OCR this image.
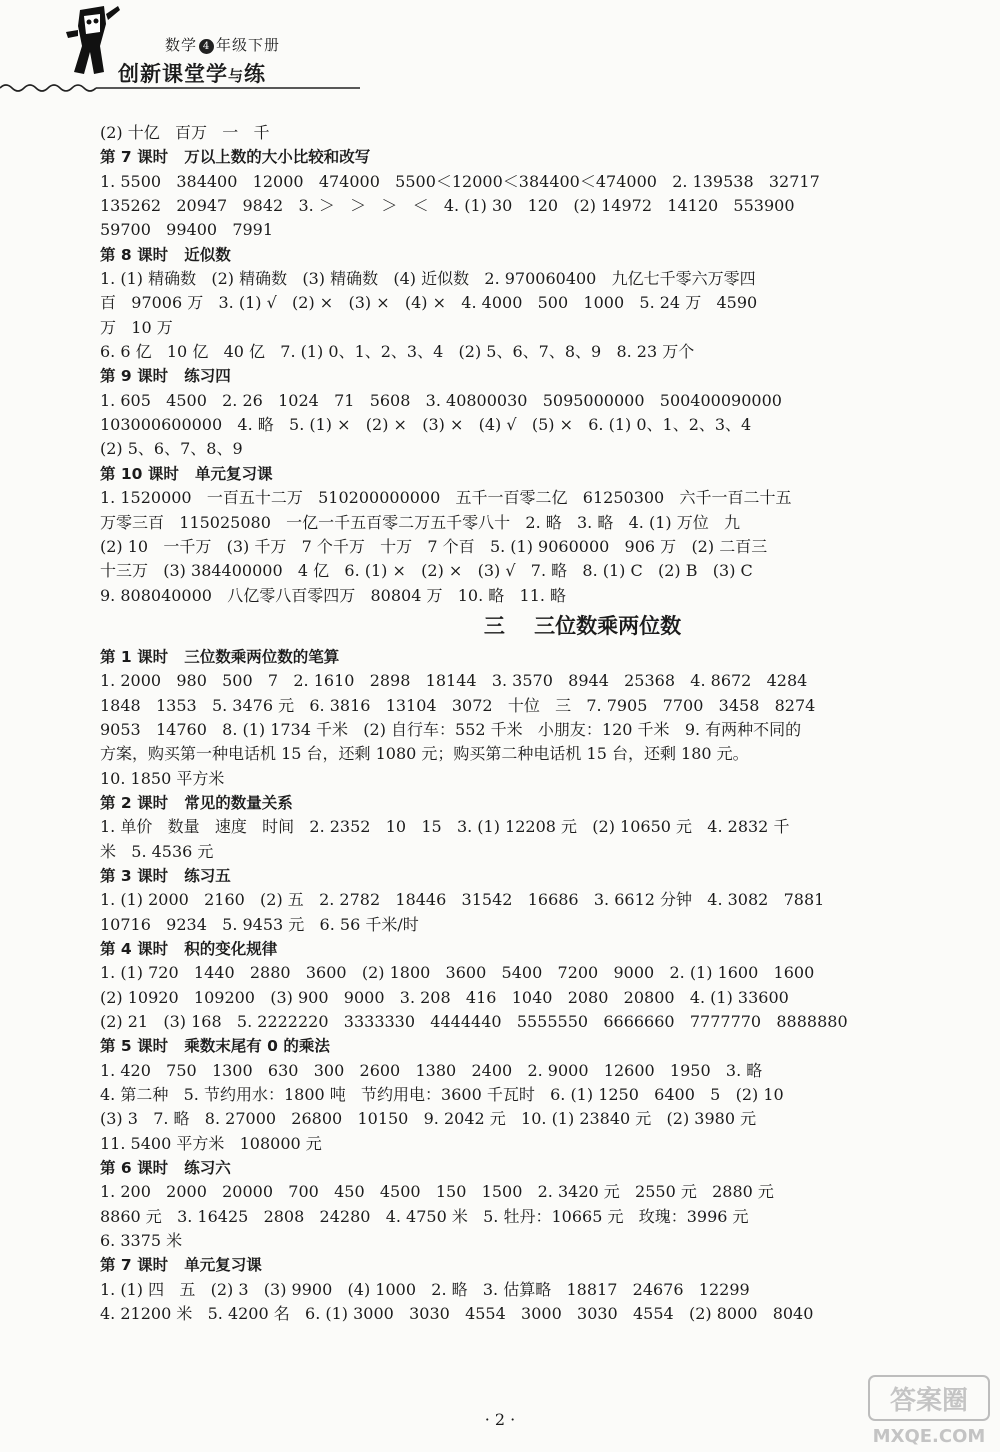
数学 4 年级下册
创新课堂学与练
(2) 十亿   百万   一   千
第 7 课时   万以上数的大小比较和改写
1. 5500   384400   12000   474000   5500＜12000＜384400＜474000   2. 139538   32717
135262   20947   9842   3. ＞   ＞   ＞   ＜   4. (1) 30   120   (2) 14972   14120   553900
59700   99400   7991
第 8 课时   近似数
1. (1) 精确数   (2) 精确数   (3) 精确数   (4) 近似数   2. 970060400   九亿七千零六万零四
百   97006 万   3. (1) √   (2) ×   (3) ×   (4) ×   4. 4000   500   1000   5. 24 万   4590
万   10 万
6. 6 亿   10 亿   40 亿   7. (1) 0、1、2、3、4   (2) 5、6、7、8、9   8. 23 万个
第 9 课时   练习四
1. 605   4500   2. 26   1024   71   5608   3. 40800030   5095000000   500400090000
103000600000   4. 略   5. (1) ×   (2) ×   (3) ×   (4) √   (5) ×   6. (1) 0、1、2、3、4
(2) 5、6、7、8、9
第 10 课时   单元复习课
1. 1520000   一百五十二万   510200000000   五千一百零二亿   61250300   六千一百二十五
万零三百   115025080   一亿一千五百零二万五千零八十   2. 略   3. 略   4. (1) 万位   九
(2) 10   一千万   (3) 千万   7 个千万   十万   7 个百   5. (1) 9060000   906 万   (2) 二百三
十三万   (3) 384400000   4 亿   6. (1) ×   (2) ×   (3) √   7. 略   8. (1) C   (2) B   (3) C
9. 808040000   八亿零八百零四万   80804 万   10. 略   11. 略
三    三位数乘两位数
第 1 课时   三位数乘两位数的笔算
1. 2000   980   500   7   2. 1610   2898   18144   3. 3570   8944   25368   4. 8672   4284
1848   1353   5. 3476 元   6. 3816   13104   3072   十位   三   7. 7905   7700   3458   8274
9053   14760   8. (1) 1734 千米   (2) 自行车：552 千米   小朋友：120 千米   9. 有两种不同的
方案，购买第一种电话机 15 台，还剩 1080 元；购买第二种电话机 15 台，还剩 180 元。
10. 1850 平方米
第 2 课时   常见的数量关系
1. 单价   数量   速度   时间   2. 2352   10   15   3. (1) 12208 元   (2) 10650 元   4. 2832 千
米   5. 4536 元
第 3 课时   练习五
1. (1) 2000   2160   (2) 五   2. 2782   18446   31542   16686   3. 6612 分钟   4. 3082   7881
10716   9234   5. 9453 元   6. 56 千米/时
第 4 课时   积的变化规律
1. (1) 720   1440   2880   3600   (2) 1800   3600   5400   7200   9000   2. (1) 1600   1600
(2) 10920   109200   (3) 900   9000   3. 208   416   1040   2080   20800   4. (1) 33600
(2) 21   (3) 168   5. 2222220   3333330   4444440   5555550   6666660   7777770   8888880
第 5 课时   乘数末尾有 0 的乘法
1. 420   750   1300   630   300   2600   1380   2400   2. 9000   12600   1950   3. 略
4. 第二种   5. 节约用水：1800 吨   节约用电：3600 千瓦时   6. (1) 1250   6400   5   (2) 10
(3) 3   7. 略   8. 27000   26800   10150   9. 2042 元   10. (1) 23840 元   (2) 3980 元
11. 5400 平方米   108000 元
第 6 课时   练习六
1. 200   2000   20000   700   450   4500   150   1500   2. 3420 元   2550 元   2880 元
8860 元   3. 16425   2808   24280   4. 4750 米   5. 牡丹：10665 元   玫瑰：3996 元
6. 3375 米
第 7 课时   单元复习课
1. (1) 四   五   (2) 3   (3) 9900   (4) 1000   2. 略   3. 估算略   18817   24676   12299
4. 21200 米   5. 4200 名   6. (1) 3000   3030   4554   3000   3030   4554   (2) 8000   8040
· 2 ·
答案圈
MXQE.COM
